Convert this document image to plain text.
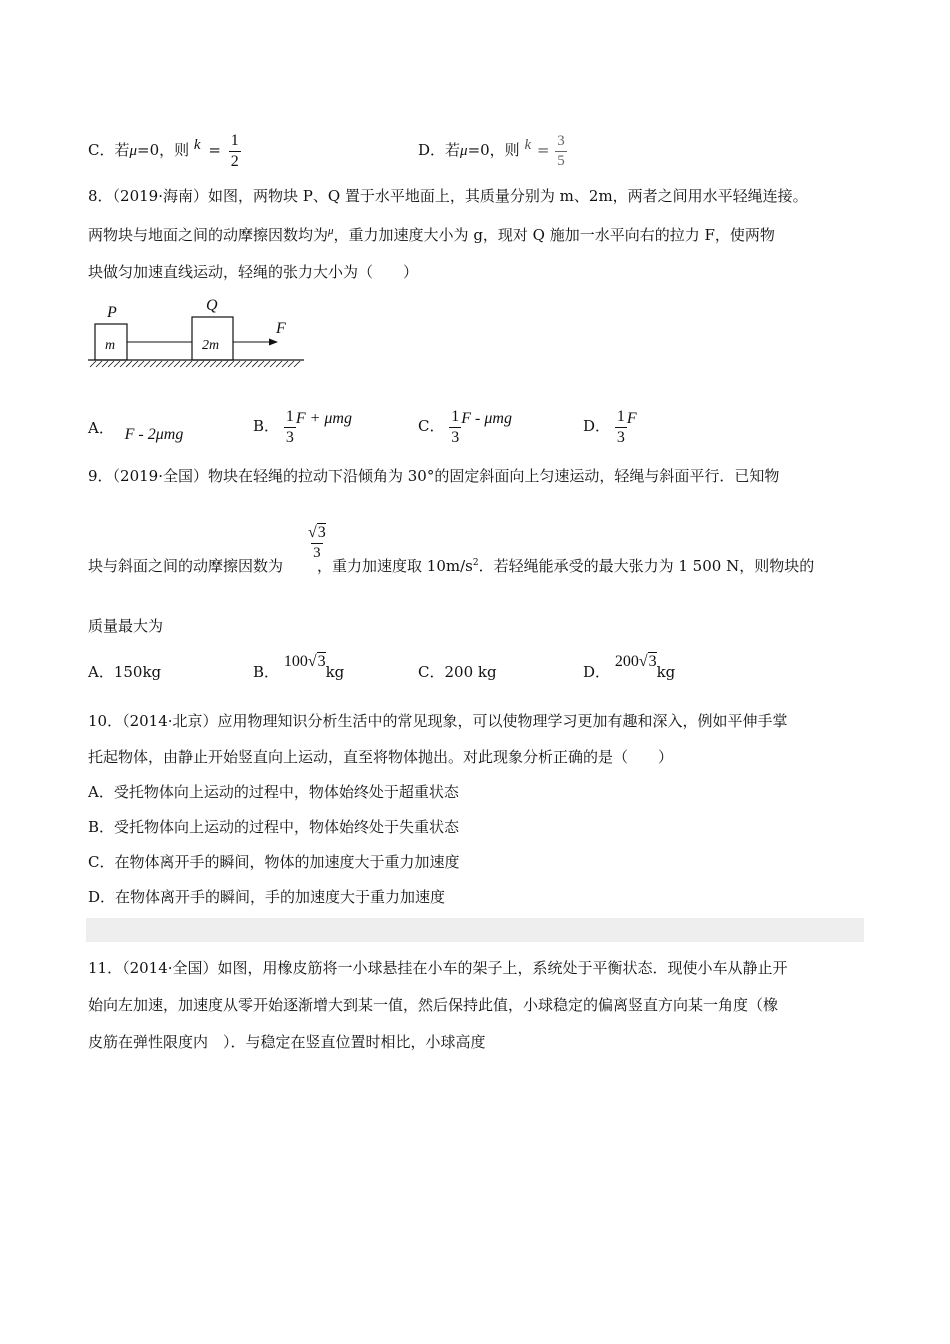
C．若μ=0，则 $k = \frac{1}{2}$	D．若μ=0，则 $k = \frac{3}{5}$
8．（2019·海南）如图，两物块 P、Q 置于水平地面上，其质量分别为 m、2m，两者之间用水平轻绳连接。
两物块与地面之间的动摩擦因数均为$^\mu$，重力加速度大小为 g，现对 Q 施加一水平向右的拉力 F，使两物
块做匀加速直线运动，轻绳的张力大小为（　　）
P	Q
m	2m
F
A． F - 2μmg	B． $\frac{1}{3}$ F + μmg	C． $\frac{1}{3}$ F - μmg	D． $\frac{1}{3}$ F
9．（2019·全国）物块在轻绳的拉动下沿倾角为 30°的固定斜面向上匀速运动，轻绳与斜面平行．已知物
$\frac{√3}{3}$
块与斜面之间的动摩擦因数为 ，重力加速度取 $10m/s^2$．若轻绳能承受的最大张力为 1 500 N，则物块的
质量最大为
A．150kg	B． 100√3kg	C．200 kg	D． 200√3kg
10．（2014·北京）应用物理知识分析生活中的常见现象，可以使物理学习更加有趣和深入，例如平伸手掌
托起物体，由静止开始竖直向上运动，直至将物体抛出。对此现象分析正确的是（　　）
A．受托物体向上运动的过程中，物体始终处于超重状态
B．受托物体向上运动的过程中，物体始终处于失重状态
C．在物体离开手的瞬间，物体的加速度大于重力加速度
D．在物体离开手的瞬间，手的加速度大于重力加速度
11．（2014·全国）如图，用橡皮筋将一小球悬挂在小车的架子上，系统处于平衡状态．现使小车从静止开
始向左加速，加速度从零开始逐渐增大到某一值，然后保持此值，小球稳定的偏离竖直方向某一角度（橡
皮筋在弹性限度内　）．与稳定在竖直位置时相比，小球高度
